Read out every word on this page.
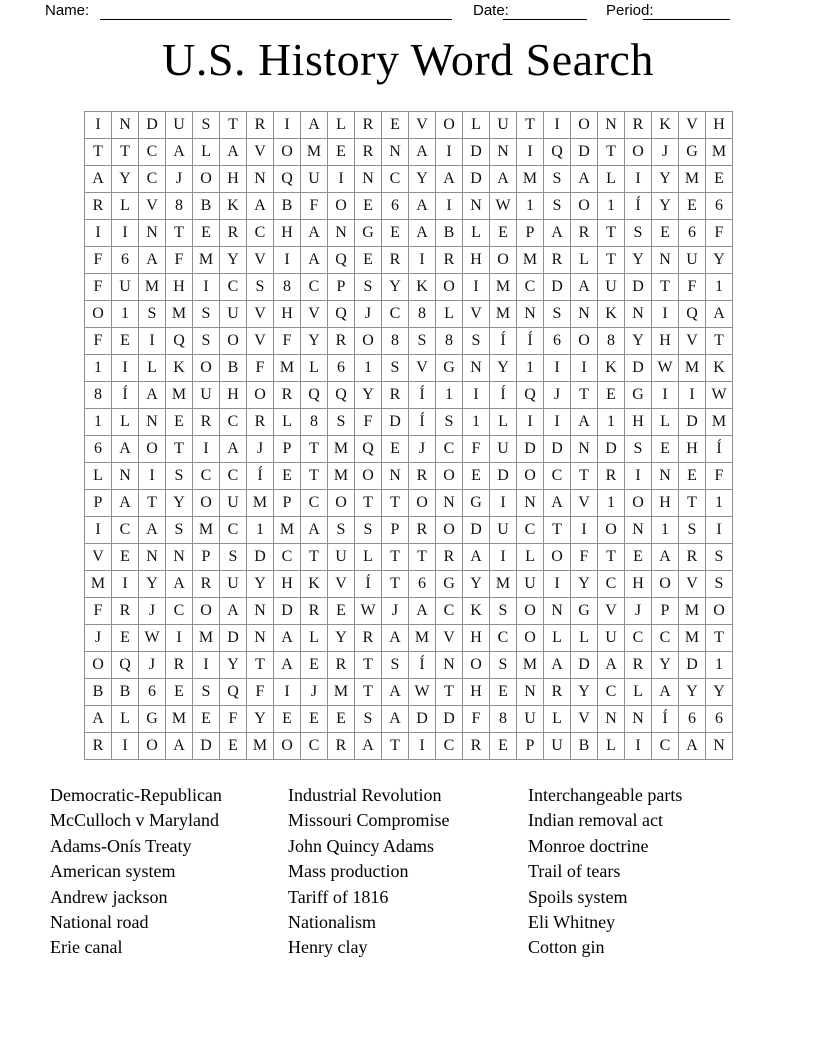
Name:	Date:	Period:
U.S. History Word Search
I	N D U	S	T	R	I	A	L	R	E	V O	L	U	T	I	O N R K V H
T	T	C A	L	A V O M E	R N A	I	D N	I	Q D	T	O	J	G M
A Y C	J	O H N Q U	I	N C Y A D A M S	A	L	I	Y M E
R	L	V	8	B K A B	F	O	E	6	A	I	N W 1	S	O	1	Í	Y	E	6
I	I	N	T	E	R	C H A N G	E	A B	L	E	P	A R	T	S	E	6	F
F	6	A	F M Y V	I	A Q	E	R	I	R H O M R	L	T	Y N U Y
F	U M H	I	C	S	8	C	P	S	Y K O	I	M C D A U D	T	F	1
O	1	S M S	U V H V Q	J	C	8	L	V M N	S	N K N	I	Q A
F	E	I	Q	S	O V	F	Y R O	8	S	8	S	Í	Í	6	O	8	Y H V	T
1	I	L	K O B	F M L	6	1	S	V G N Y	1	I	I	K D W M K
8	Í	A M U H O R Q Q Y R	Í	1	I	Í	Q	J	T	E	G	I	I	W
1	L	N	E	R	C	R	L	8	S	F	D	Í	S	1	L	I	I	A	1	H	L	D M
6	A O	T	I	A	J	P	T M Q	E	J	C	F	U D D N D	S	E	H	Í
L	N	I	S	C	C	Í	E	T M O N R O	E	D O C	T	R	I	N	E	F
P	A	T	Y O U M P	C O	T	T	O N G	I	N A V	1	O H	T	1
I	C A	S M C	1 M A	S	S	P	R O D U C	T	I	O N	1	S	I
V	E	N N	P	S	D C	T	U	L	T	T	R A	I	L	O	F	T	E	A R	S
M	I	Y A R U Y H K V	Í	T	6	G Y M U	I	Y C H O V	S
F	R	J	C O A N D R	E W	J	A C K	S	O N G V	J	P M O
J	E W	I	M D N A	L	Y R A M V H C O	L	L	U C	C M T
O Q	J	R	I	Y	T	A	E	R	T	S	Í	N O	S M A D A R Y D	1
B	B	6	E	S	Q	F	I	J	M T	A W T	H	E	N R Y C	L	A Y Y
A	L	G M E	F	Y	E	E	E	S	A D D	F	8	U	L	V N N	Í	6	6
R	I	O A D	E M O C	R A	T	I	C	R	E	P	U B	L	I	C A N
Democratic-Republican
McCulloch v Maryland
Adams-Onís Treaty
American system
Andrew jackson
National road
Erie canal
Industrial Revolution
Missouri Compromise
John Quincy Adams
Mass production
Tariff of 1816
Nationalism
Henry clay
Interchangeable parts
Indian removal act
Monroe doctrine
Trail of tears
Spoils system
Eli Whitney
Cotton gin
